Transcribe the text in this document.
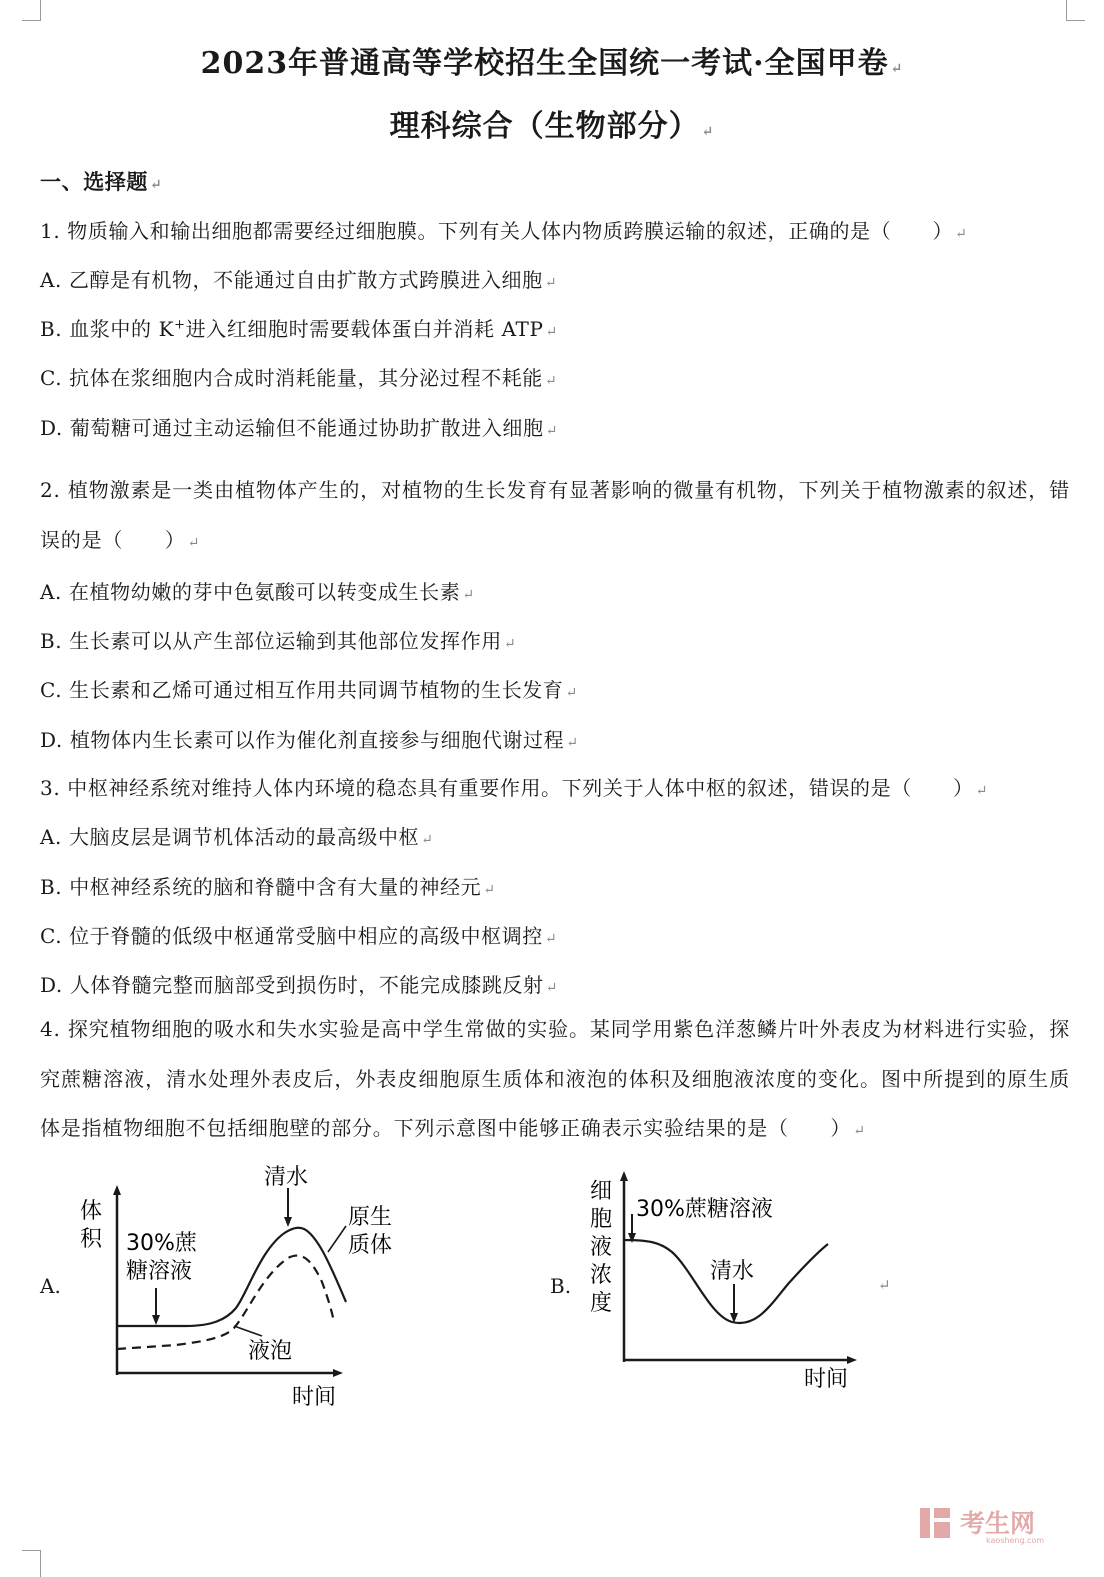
2023年普通高等学校招生全国统一考试·全国甲卷 ↵
理科综合（生物部分） ↵
一、选择题 ↵
1. 物质输入和输出细胞都需要经过细胞膜。下列有关人体内物质跨膜运输的叙述，正确的是（　　） ↵
A. 乙醇是有机物，不能通过自由扩散方式跨膜进入细胞 ↵
B. 血浆中的 K+进入红细胞时需要载体蛋白并消耗 ATP ↵
C. 抗体在浆细胞内合成时消耗能量，其分泌过程不耗能 ↵
D. 葡萄糖可通过主动运输但不能通过协助扩散进入细胞 ↵
2. 植物激素是一类由植物体产生的，对植物的生长发育有显著影响的微量有机物，下列关于植物激素的叙述，错误的是（　　） ↵
A. 在植物幼嫩的芽中色氨酸可以转变成生长素 ↵
B. 生长素可以从产生部位运输到其他部位发挥作用 ↵
C. 生长素和乙烯可通过相互作用共同调节植物的生长发育 ↵
D. 植物体内生长素可以作为催化剂直接参与细胞代谢过程 ↵
3. 中枢神经系统对维持人体内环境的稳态具有重要作用。下列关于人体中枢的叙述，错误的是（　　） ↵
A. 大脑皮层是调节机体活动的最高级中枢 ↵
B. 中枢神经系统的脑和脊髓中含有大量的神经元 ↵
C. 位于脊髓的低级中枢通常受脑中相应的高级中枢调控 ↵
D. 人体脊髓完整而脑部受到损伤时，不能完成膝跳反射 ↵
4. 探究植物细胞的吸水和失水实验是高中学生常做的实验。某同学用紫色洋葱鳞片叶外表皮为材料进行实验，探究蔗糖溶液，清水处理外表皮后，外表皮细胞原生质体和液泡的体积及细胞液浓度的变化。图中所提到的原生质体是指植物细胞不包括细胞壁的部分。下列示意图中能够正确表示实验结果的是（　　） ↵
A.	B.	↵
体
积 30%蔗
糖溶液
清水
原生
质体
液泡
时间
细
胞
液
浓
度
30%蔗糖溶液
清水
时间
考生网
kaosheng.com
